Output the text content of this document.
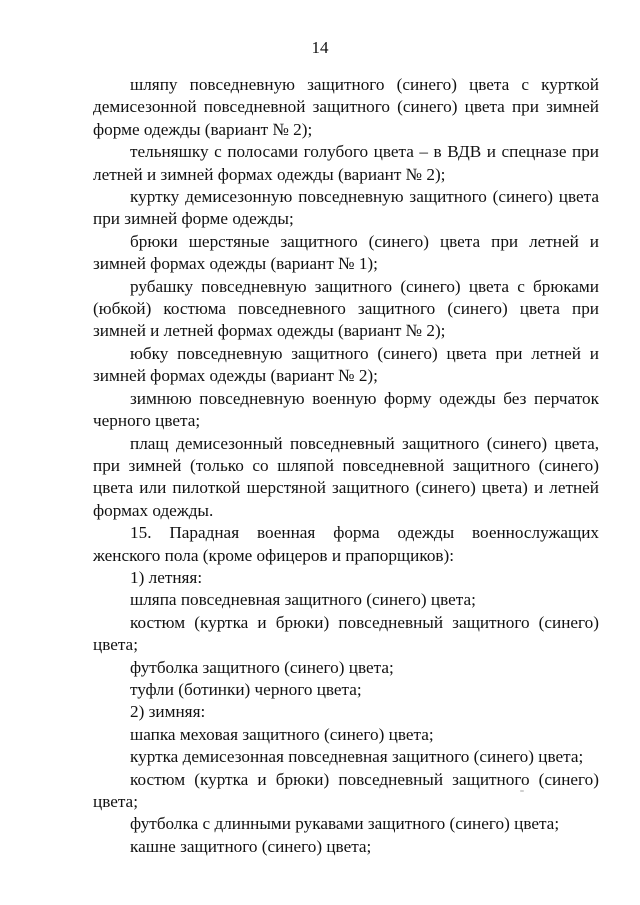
14

шляпу повседневную защитного (синего) цвета с курткой демисезонной повседневной защитного (синего) цвета при зимней форме одежды (вариант № 2);

тельняшку с полосами голубого цвета – в ВДВ и спецназе при летней и зимней формах одежды (вариант № 2);

куртку демисезонную повседневную защитного (синего) цвета при зимней форме одежды;

брюки шерстяные защитного (синего) цвета при летней и зимней формах одежды (вариант № 1);

рубашку повседневную защитного (синего) цвета с брюками (юбкой) костюма повседневного защитного (синего) цвета при зимней и летней формах одежды (вариант № 2);

юбку повседневную защитного (синего) цвета при летней и зимней формах одежды (вариант № 2);

зимнюю повседневную военную форму одежды без перчаток черного цвета;

плащ демисезонный повседневный защитного (синего) цвета, при зимней (только со шляпой повседневной защитного (синего) цвета или пилоткой шерстяной защитного (синего) цвета) и летней формах одежды.

15. Парадная военная форма одежды военнослужащих женского пола (кроме офицеров и прапорщиков):

1) летняя:

шляпа повседневная защитного (синего) цвета;

костюм (куртка и брюки) повседневный защитного (синего) цвета;

футболка защитного (синего) цвета;

туфли (ботинки) черного цвета;

2) зимняя:

шапка меховая защитного (синего) цвета;

куртка демисезонная повседневная защитного (синего) цвета;

костюм (куртка и брюки) повседневный защитного (синего) цвета;

футболка с длинными рукавами защитного (синего) цвета;

кашне защитного (синего) цвета;
